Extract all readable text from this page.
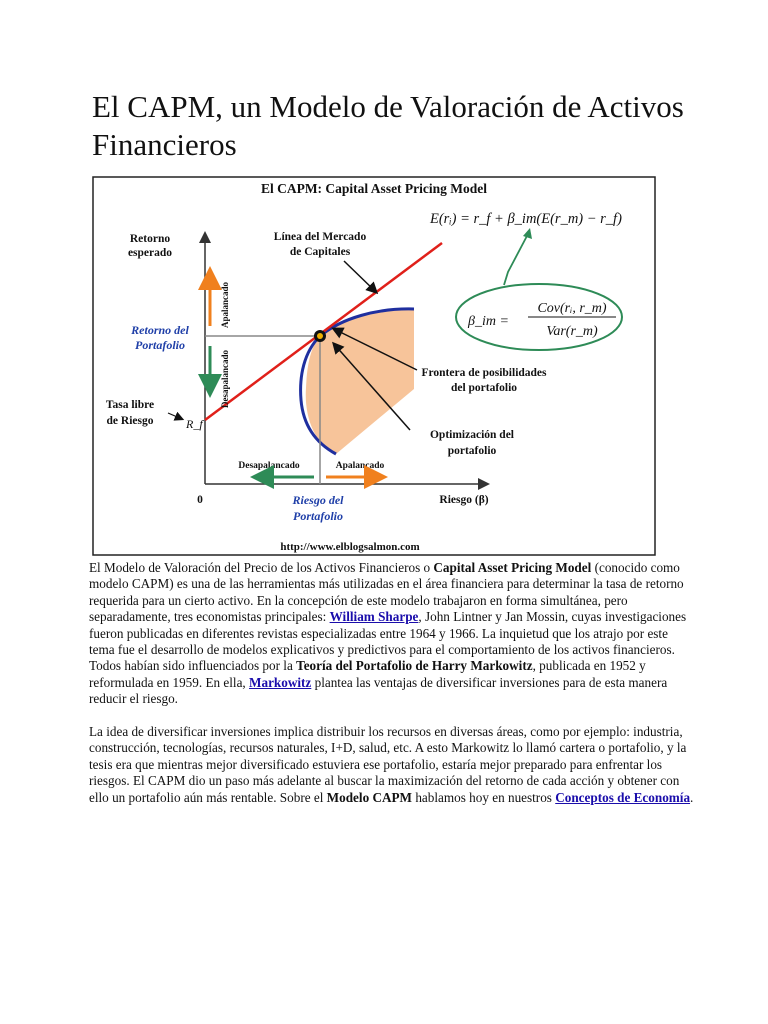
El CAPM, un Modelo de Valoración de Activos Financieros
El CAPM: Capital Asset Pricing Model
E(rᵢ) = r_f + β_im(E(r_m) − r_f)
β_im =
Cov(rᵢ, r_m)
Var(r_m)
Retorno
esperado
Línea del Mercado
de Capitales
Retorno del
Portafolio
Tasa libre
de Riesgo	R_f
Apalancado
Desapalancado	Frontera de posibilidades
del portafolio
Optimización del
portafolio
Desapalancado	Apalancado
0	Riesgo (β)
Riesgo del
Portafolio
http://www.elblogsalmon.com

El Modelo de Valoración del Precio de los Activos Financieros o Capital Asset Pricing Model (conocido como modelo CAPM) es una de las herramientas más utilizadas en el área financiera para determinar la tasa de retorno requerida para un cierto activo. En la concepción de este modelo trabajaron en forma simultánea, pero separadamente, tres economistas principales: William Sharpe, John Lintner y Jan Mossin, cuyas investigaciones fueron publicadas en diferentes revistas especializadas entre 1964 y 1966. La inquietud que los atrajo por este tema fue el desarrollo de modelos explicativos y predictivos para el comportamiento de los activos financieros. Todos habían sido influenciados por la Teoría del Portafolio de Harry Markowitz, publicada en 1952 y reformulada en 1959. En ella, Markowitz plantea las ventajas de diversificar inversiones para de esta manera reducir el riesgo.

La idea de diversificar inversiones implica distribuir los recursos en diversas áreas, como por ejemplo: industria, construcción, tecnologías, recursos naturales, I+D, salud, etc. A esto Markowitz lo llamó cartera o portafolio, y la tesis era que mientras mejor diversificado estuviera ese portafolio, estaría mejor preparado para enfrentar los riesgos. El CAPM dio un paso más adelante al buscar la maximización del retorno de cada acción y obtener con ello un portafolio aún más rentable. Sobre el Modelo CAPM hablamos hoy en nuestros Conceptos de Economía.
